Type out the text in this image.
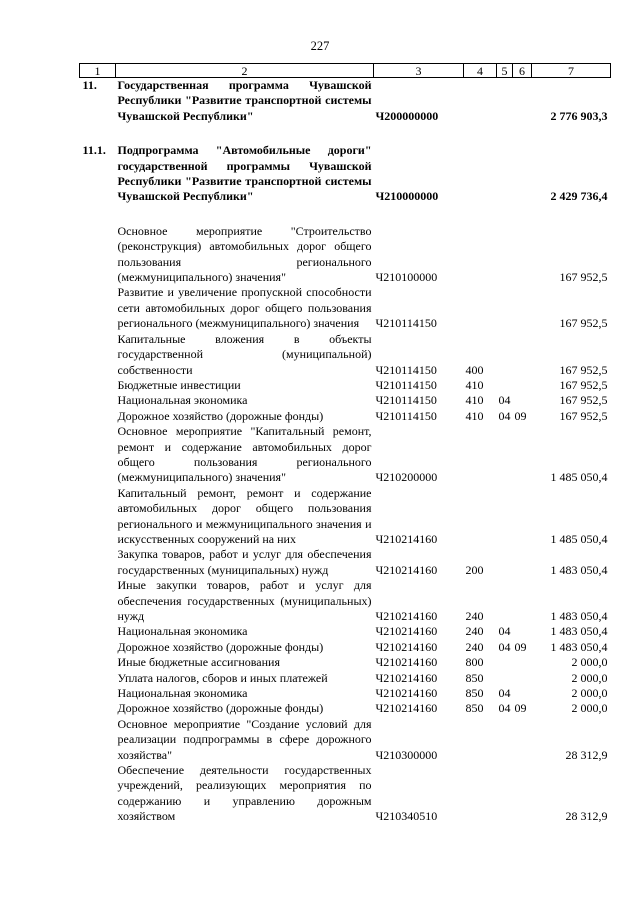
227
1	2	3	4	5	6	7
11.	Государственная программа Чувашской Республики "Развитие транспортной системы Чувашской Республики"	Ч200000000				2 776 903,3

11.1.	Подпрограмма "Автомобильные дороги" государственной программы Чувашской Республики "Развитие транспортной системы Чувашской Республики"	Ч210000000				2 429 736,4

	Основное мероприятие "Строительство (реконструкция) автомобильных дорог общего пользования регионального (межмуниципального) значения"	Ч210100000				167 952,5
	Развитие и увеличение пропускной способности сети автомобильных дорог общего пользования регионального (межмуниципального) значения	Ч210114150				167 952,5
	Капитальные вложения в объекты государственной (муниципальной) собственности	Ч210114150	400			167 952,5
	Бюджетные инвестиции	Ч210114150	410			167 952,5
	Национальная экономика	Ч210114150	410	04		167 952,5
	Дорожное хозяйство (дорожные фонды)	Ч210114150	410	04	09	167 952,5
	Основное мероприятие "Капитальный ремонт, ремонт и содержание автомобильных дорог общего пользования регионального (межмуниципального) значения"	Ч210200000				1 485 050,4
	Капитальный ремонт, ремонт и содержание автомобильных дорог общего пользования регионального и межмуниципального значения и искусственных сооружений на них	Ч210214160				1 485 050,4
	Закупка товаров, работ и услуг для обеспечения государственных (муниципальных) нужд	Ч210214160	200			1 483 050,4
	Иные закупки товаров, работ и услуг для обеспечения государственных (муниципальных) нужд	Ч210214160	240			1 483 050,4
	Национальная экономика	Ч210214160	240	04		1 483 050,4
	Дорожное хозяйство (дорожные фонды)	Ч210214160	240	04	09	1 483 050,4
	Иные бюджетные ассигнования	Ч210214160	800			2 000,0
	Уплата налогов, сборов и иных платежей	Ч210214160	850			2 000,0
	Национальная экономика	Ч210214160	850	04		2 000,0
	Дорожное хозяйство (дорожные фонды)	Ч210214160	850	04	09	2 000,0
	Основное мероприятие "Создание условий для реализации подпрограммы в сфере дорожного хозяйства"	Ч210300000				28 312,9
	Обеспечение деятельности государственных учреждений, реализующих мероприятия по содержанию и управлению дорожным хозяйством	Ч210340510				28 312,9
